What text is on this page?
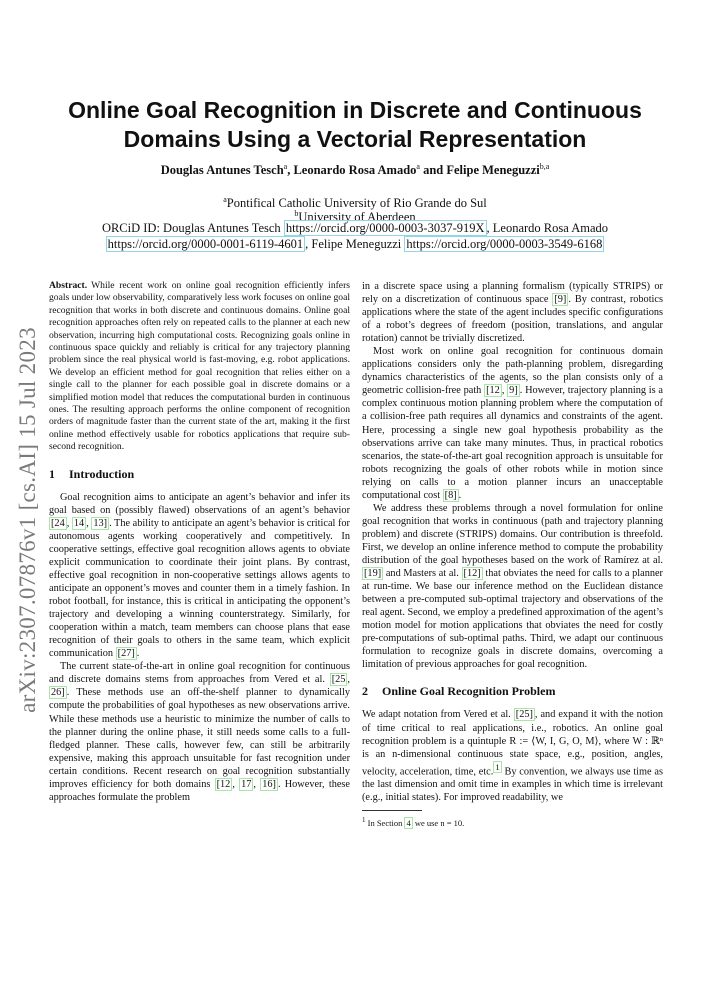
arXiv:2307.07876v1 [cs.AI] 15 Jul 2023
Online Goal Recognition in Discrete and Continuous Domains Using a Vectorial Representation
Douglas Antunes Tesch$^a$, Leonardo Rosa Amado$^a$ and Felipe Meneguzzi$^{b,a}$
$^a$Pontifical Catholic University of Rio Grande do Sul
$^b$University of Aberdeen
ORCiD ID: Douglas Antunes Tesch https://orcid.org/0000-0003-3037-919X , Leonardo Rosa Amado https://orcid.org/0000-0001-6119-4601 , Felipe Meneguzzi https://orcid.org/0000-0003-3549-6168

Abstract. While recent work on online goal recognition efficiently infers goals under low observability, comparatively less work focuses on online goal recognition that works in both discrete and continuous domains. Online goal recognition approaches often rely on repeated calls to the planner at each new observation, incurring high computational costs. Recognizing goals online in continuous space quickly and reliably is critical for any trajectory planning problem since the real physical world is fast-moving, e.g. robot applications. We develop an efficient method for goal recognition that relies either on a single call to the planner for each possible goal in discrete domains or a simplified motion model that reduces the computational burden in continuous ones. The resulting approach performs the online component of recognition orders of magnitude faster than the current state of the art, making it the first online method effectively usable for robotics applications that require sub-second recognition.

1 Introduction

Goal recognition aims to anticipate an agent’s behavior and infer its goal based on (possibly flawed) observations of an agent’s behavior [24 , 14 , 13] . The ability to anticipate an agent’s behavior is critical for autonomous agents working cooperatively and competitively. In cooperative settings, effective goal recognition allows agents to obviate explicit communication to coordinate their joint plans. By contrast, effective goal recognition in non-cooperative settings allows agents to anticipate an opponent’s moves and counter them in a timely fashion. In robot football, for instance, this is critical in anticipating the opponent’s trajectory and developing a winning counterstrategy. Similarly, for cooperation within a match, team members can choose plans that ease recognition of their goals to others in the same team, which explicit communication [27] .

The current state-of-the-art in online goal recognition for continuous and discrete domains stems from approaches from Vered et al. [25 , 26] . These methods use an off-the-shelf planner to dynamically compute the probabilities of goal hypotheses as new observations arrive. While these methods use a heuristic to minimize the number of calls to the planner during the online phase, it still needs some calls to a full-fledged planner. These calls, however few, can still be arbitrarily expensive, making this approach unsuitable for fast recognition under certain conditions. Recent research on goal recognition substantially improves efficiency for both domains [12 , 17 , 16] . However, these approaches formulate the problem

in a discrete space using a planning formalism (typically STRIPS) or rely on a discretization of continuous space [9] . By contrast, robotics applications where the state of the agent includes specific configurations of a robot’s degrees of freedom (position, translations, and angular rotation) cannot be trivially discretized.

Most work on online goal recognition for continuous domain applications considers only the path-planning problem, disregarding dynamics characteristics of the agents, so the plan consists only of a geometric collision-free path [12 , 9] . However, trajectory planning is a complex continuous motion planning problem where the computation of a collision-free path requires all dynamics and constraints of the agent. Here, processing a single new goal hypothesis probability as the observations arrive can take many minutes. Thus, in practical robotics scenarios, the state-of-the-art goal recognition approach is unsuitable for robots recognizing the goals of other robots while in motion since relying on calls to a motion planner incurs an unacceptable computational cost [8] .

We address these problems through a novel formulation for online goal recognition that works in continuous (path and trajectory planning problem) and discrete (STRIPS) domains. Our contribution is threefold. First, we develop an online inference method to compute the probability distribution of the goal hypotheses based on the work of Ramírez at al. [19] and Masters at al. [12] that obviates the need for calls to a planner at run-time. We base our inference method on the Euclidean distance between a pre-computed sub-optimal trajectory and observations of the real agent. Second, we employ a predefined approximation of the agent’s motion model for motion applications that obviates the need for costly pre-computations of sub-optimal paths. Third, we adapt our continuous formulation to recognize goals in discrete domains, overcoming a limitation of previous approaches for goal recognition.

2 Online Goal Recognition Problem

We adapt notation from Vered et al. [25] , and expand it with the notion of time critical to real applications, i.e., robotics. An online goal recognition problem is a quintuple R := ⟨W, I, G, O, M⟩, where W : ℝⁿ is an n-dimensional continuous state space, e.g., position, angles, velocity, acceleration, time, etc. $^1$ By convention, we always use time as the last dimension and omit time in examples in which time is irrelevant (e.g., initial states). For improved readability, we

$^1$ In Section 4 we use n = 10.
